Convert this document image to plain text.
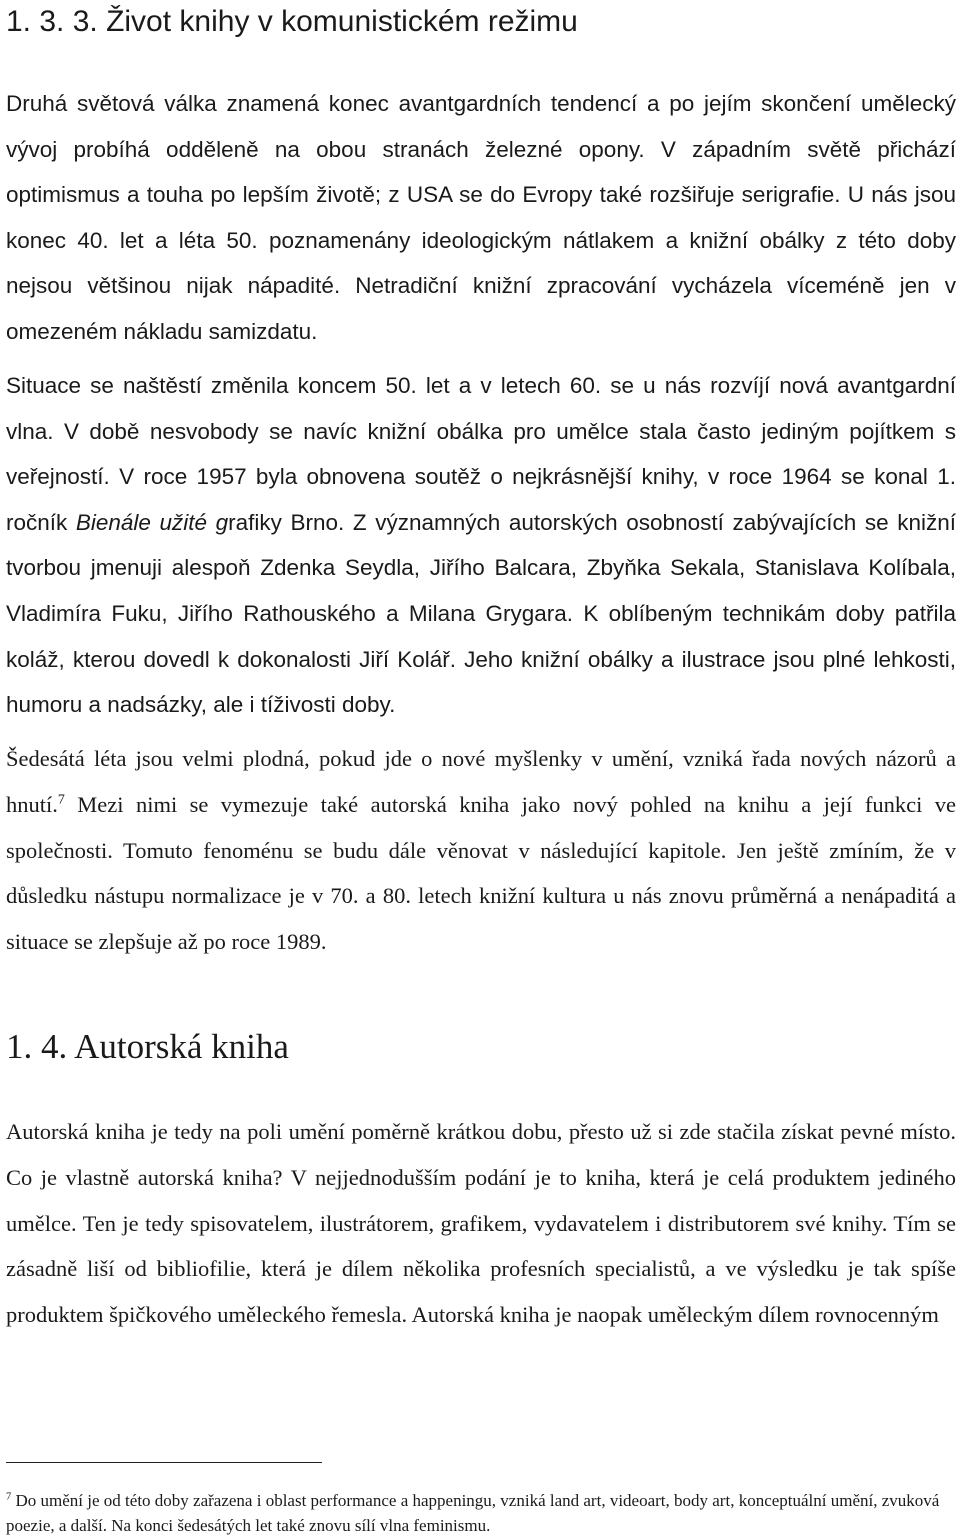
1. 3. 3. Život knihy v komunistickém režimu

Druhá světová válka znamená konec avantgardních tendencí a po jejím skončení umělecký vývoj probíhá odděleně na obou stranách železné opony. V západním světě přichází optimismus a touha po lepším životě; z USA se do Evropy také rozšiřuje serigrafie. U nás jsou konec 40. let a léta 50. poznamenány ideologickým nátlakem a knižní obálky z této doby nejsou většinou nijak nápadité. Netradiční knižní zpracování vycházela víceméně jen v omezeném nákladu samizdatu.

Situace se naštěstí změnila koncem 50. let a v letech 60. se u nás rozvíjí nová avantgardní vlna. V době nesvobody se navíc knižní obálka pro umělce stala často jediným pojítkem s veřejností. V roce 1957 byla obnovena soutěž o nejkrásnější knihy, v roce 1964 se konal 1. ročník Bienále užité grafiky Brno. Z významných autorských osobností zabývajících se knižní tvorbou jmenuji alespoň Zdenka Seydla, Jiřího Balcara, Zbyňka Sekala, Stanislava Kolíbala, Vladimíra Fuku, Jiřího Rathouského a Milana Grygara. K oblíbeným technikám doby patřila koláž, kterou dovedl k dokonalosti Jiří Kolář. Jeho knižní obálky a ilustrace jsou plné lehkosti, humoru a nadsázky, ale i tíživosti doby.

Šedesátá léta jsou velmi plodná, pokud jde o nové myšlenky v umění, vzniká řada nových názorů a hnutí.$^7$ Mezi nimi se vymezuje také autorská kniha jako nový pohled na knihu a její funkci ve společnosti. Tomuto fenoménu se budu dále věnovat v následující kapitole. Jen ještě zmíním, že v důsledku nástupu normalizace je v 70. a 80. letech knižní kultura u nás znovu průměrná a nenápaditá a situace se zlepšuje až po roce 1989.

1. 4. Autorská kniha

Autorská kniha je tedy na poli umění poměrně krátkou dobu, přesto už si zde stačila získat pevné místo. Co je vlastně autorská kniha? V nejjednodušším podání je to kniha, která je celá produktem jediného umělce. Ten je tedy spisovatelem, ilustrátorem, grafikem, vydavatelem i distributorem své knihy. Tím se zásadně liší od bibliofilie, která je dílem několika profesních specialistů, a ve výsledku je tak spíše produktem špičkového uměleckého řemesla. Autorská kniha je naopak uměleckým dílem rovnocenným

$^7$ Do umění je od této doby zařazena i oblast performance a happeningu, vzniká land art, videoart, body art, konceptuální umění, zvuková poezie, a další. Na konci šedesátých let také znovu sílí vlna feminismu.
